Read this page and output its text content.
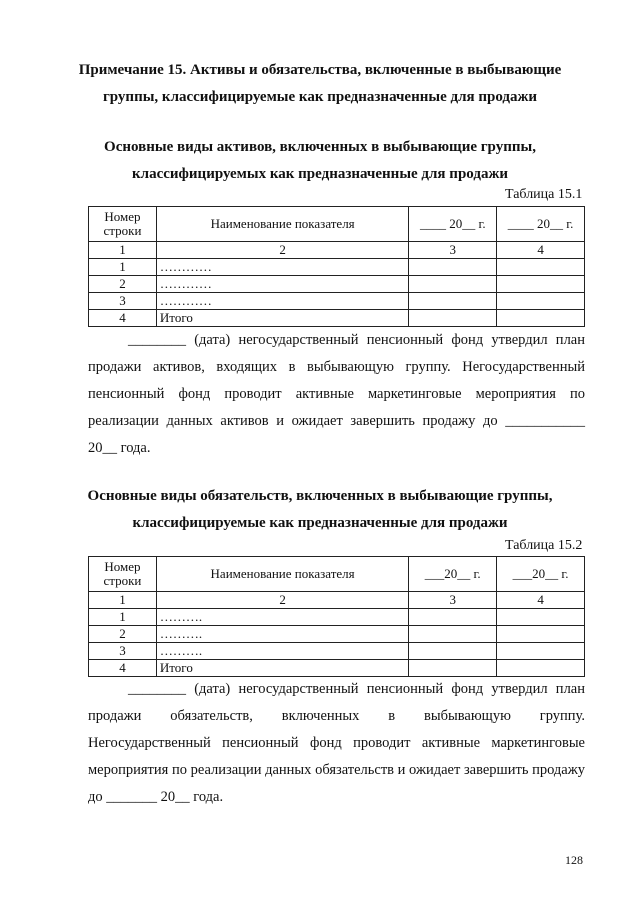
Примечание 15. Активы и обязательства, включенные в выбывающие
группы, классифицируемые как предназначенные для продажи
Основные виды активов, включенных в выбывающие группы,
классифицируемых как предназначенные для продажи
Таблица 15.1
Номер строки	Наименование показателя	____ 20__ г.	____ 20__ г.
1	2	3	4
1	…………		
2	…………		
3	…………		
4	Итого		
________ (дата) негосударственный пенсионный фонд утвердил план продажи активов, входящих в выбывающую группу. Негосударственный пенсионный фонд проводит активные маркетинговые мероприятия по реализации данных активов и ожидает завершить продажу до ___________ 20__ года.
Основные виды обязательств, включенных в выбывающие группы,
классифицируемые как предназначенные для продажи
Таблица 15.2
Номер строки	Наименование показателя	___20__ г.	___20__ г.
1	2	3	4
1	……….		
2	……….		
3	……….		
4	Итого		
________ (дата) негосударственный пенсионный фонд утвердил план продажи обязательств, включенных в выбывающую группу. Негосударственный пенсионный фонд проводит активные маркетинговые мероприятия по реализации данных обязательств и ожидает завершить продажу до _______ 20__ года.
128
